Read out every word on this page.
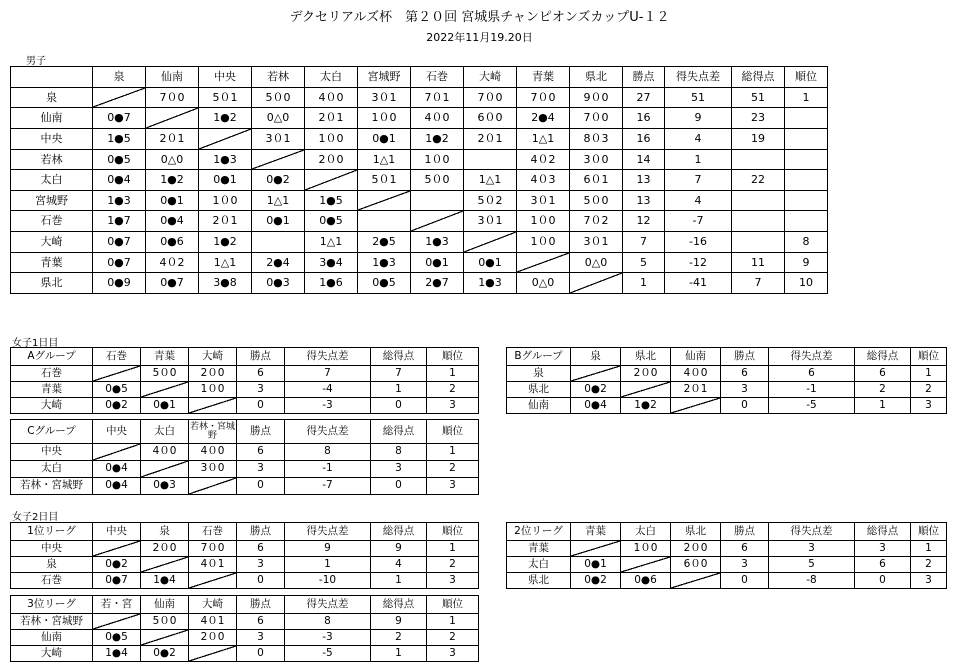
デクセリアルズ杯　第２０回 宮城県チャンピオンズカップU-１２
2022年11月19.20日
男子
女子1日目
女子2日目
	泉	仙南	中央	若林	太白	宮城野	石巻	大崎	青葉	県北	勝点	得失点差	総得点	順位
泉		7０0	5０1	5０0	4０0	3０1	7０1	7０0	7０0	9０0	27	51	51	1
仙南	0●7		1●2	0△0	2０1	1０0	4０0	6０0	2●4	7０0	16	9	23	
中央	1●5	2０1		3０1	1０0	0●1	1●2	2０1	1△1	8０3	16	4	19	
若林	0●5	0△0	1●3		2０0	1△1	1０0		4０2	3０0	14	1		
太白	0●4	1●2	0●1	0●2		5０1	5０0	1△1	4０3	6０1	13	7	22	
宮城野	1●3	0●1	1０0	1△1	1●5			5０2	3０1	5０0	13	4		
石巻	1●7	0●4	2０1	0●1	0●5			3０1	1０0	7０2	12	-7		
大崎	0●7	0●6	1●2		1△1	2●5	1●3		1０0	3０1	7	-16		8
青葉	0●7	4０2	1△1	2●4	3●4	1●3	0●1	0●1		0△0	5	-12	11	9
県北	0●9	0●7	3●8	0●3	1●6	0●5	2●7	1●3	0△0		1	-41	7	10
Aグループ	石巻	青葉	大崎	勝点	得失点差	総得点	順位
石巻		5０0	2０0	6	7	7	1
青葉	0●5		1０0	3	-4	1	2
大崎	0●2	0●1		0	-3	0	3
Bグループ	泉	県北	仙南	勝点	得失点差	総得点	順位
泉		2０0	4０0	6	6	6	1
県北	0●2		2０1	3	-1	2	2
仙南	0●4	1●2		0	-5	1	3
Cグループ	中央	太白	若林・宮城野	勝点	得失点差	総得点	順位
中央		4０0	4０0	6	8	8	1
太白	0●4		3０0	3	-1	3	2
若林・宮城野	0●4	0●3		0	-7	0	3
1位リーグ	中央	泉	石巻	勝点	得失点差	総得点	順位
中央		2０0	7０0	6	9	9	1
泉	0●2		4０1	3	1	4	2
石巻	0●7	1●4		0	-10	1	3
2位リーグ	青葉	太白	県北	勝点	得失点差	総得点	順位
青葉		1０0	2０0	6	3	3	1
太白	0●1		6０0	3	5	6	2
県北	0●2	0●6		0	-8	0	3
3位リーグ	若・宮	仙南	大崎	勝点	得失点差	総得点	順位
若林・宮城野		5０0	4０1	6	8	9	1
仙南	0●5		2０0	3	-3	2	2
大崎	1●4	0●2		0	-5	1	3
